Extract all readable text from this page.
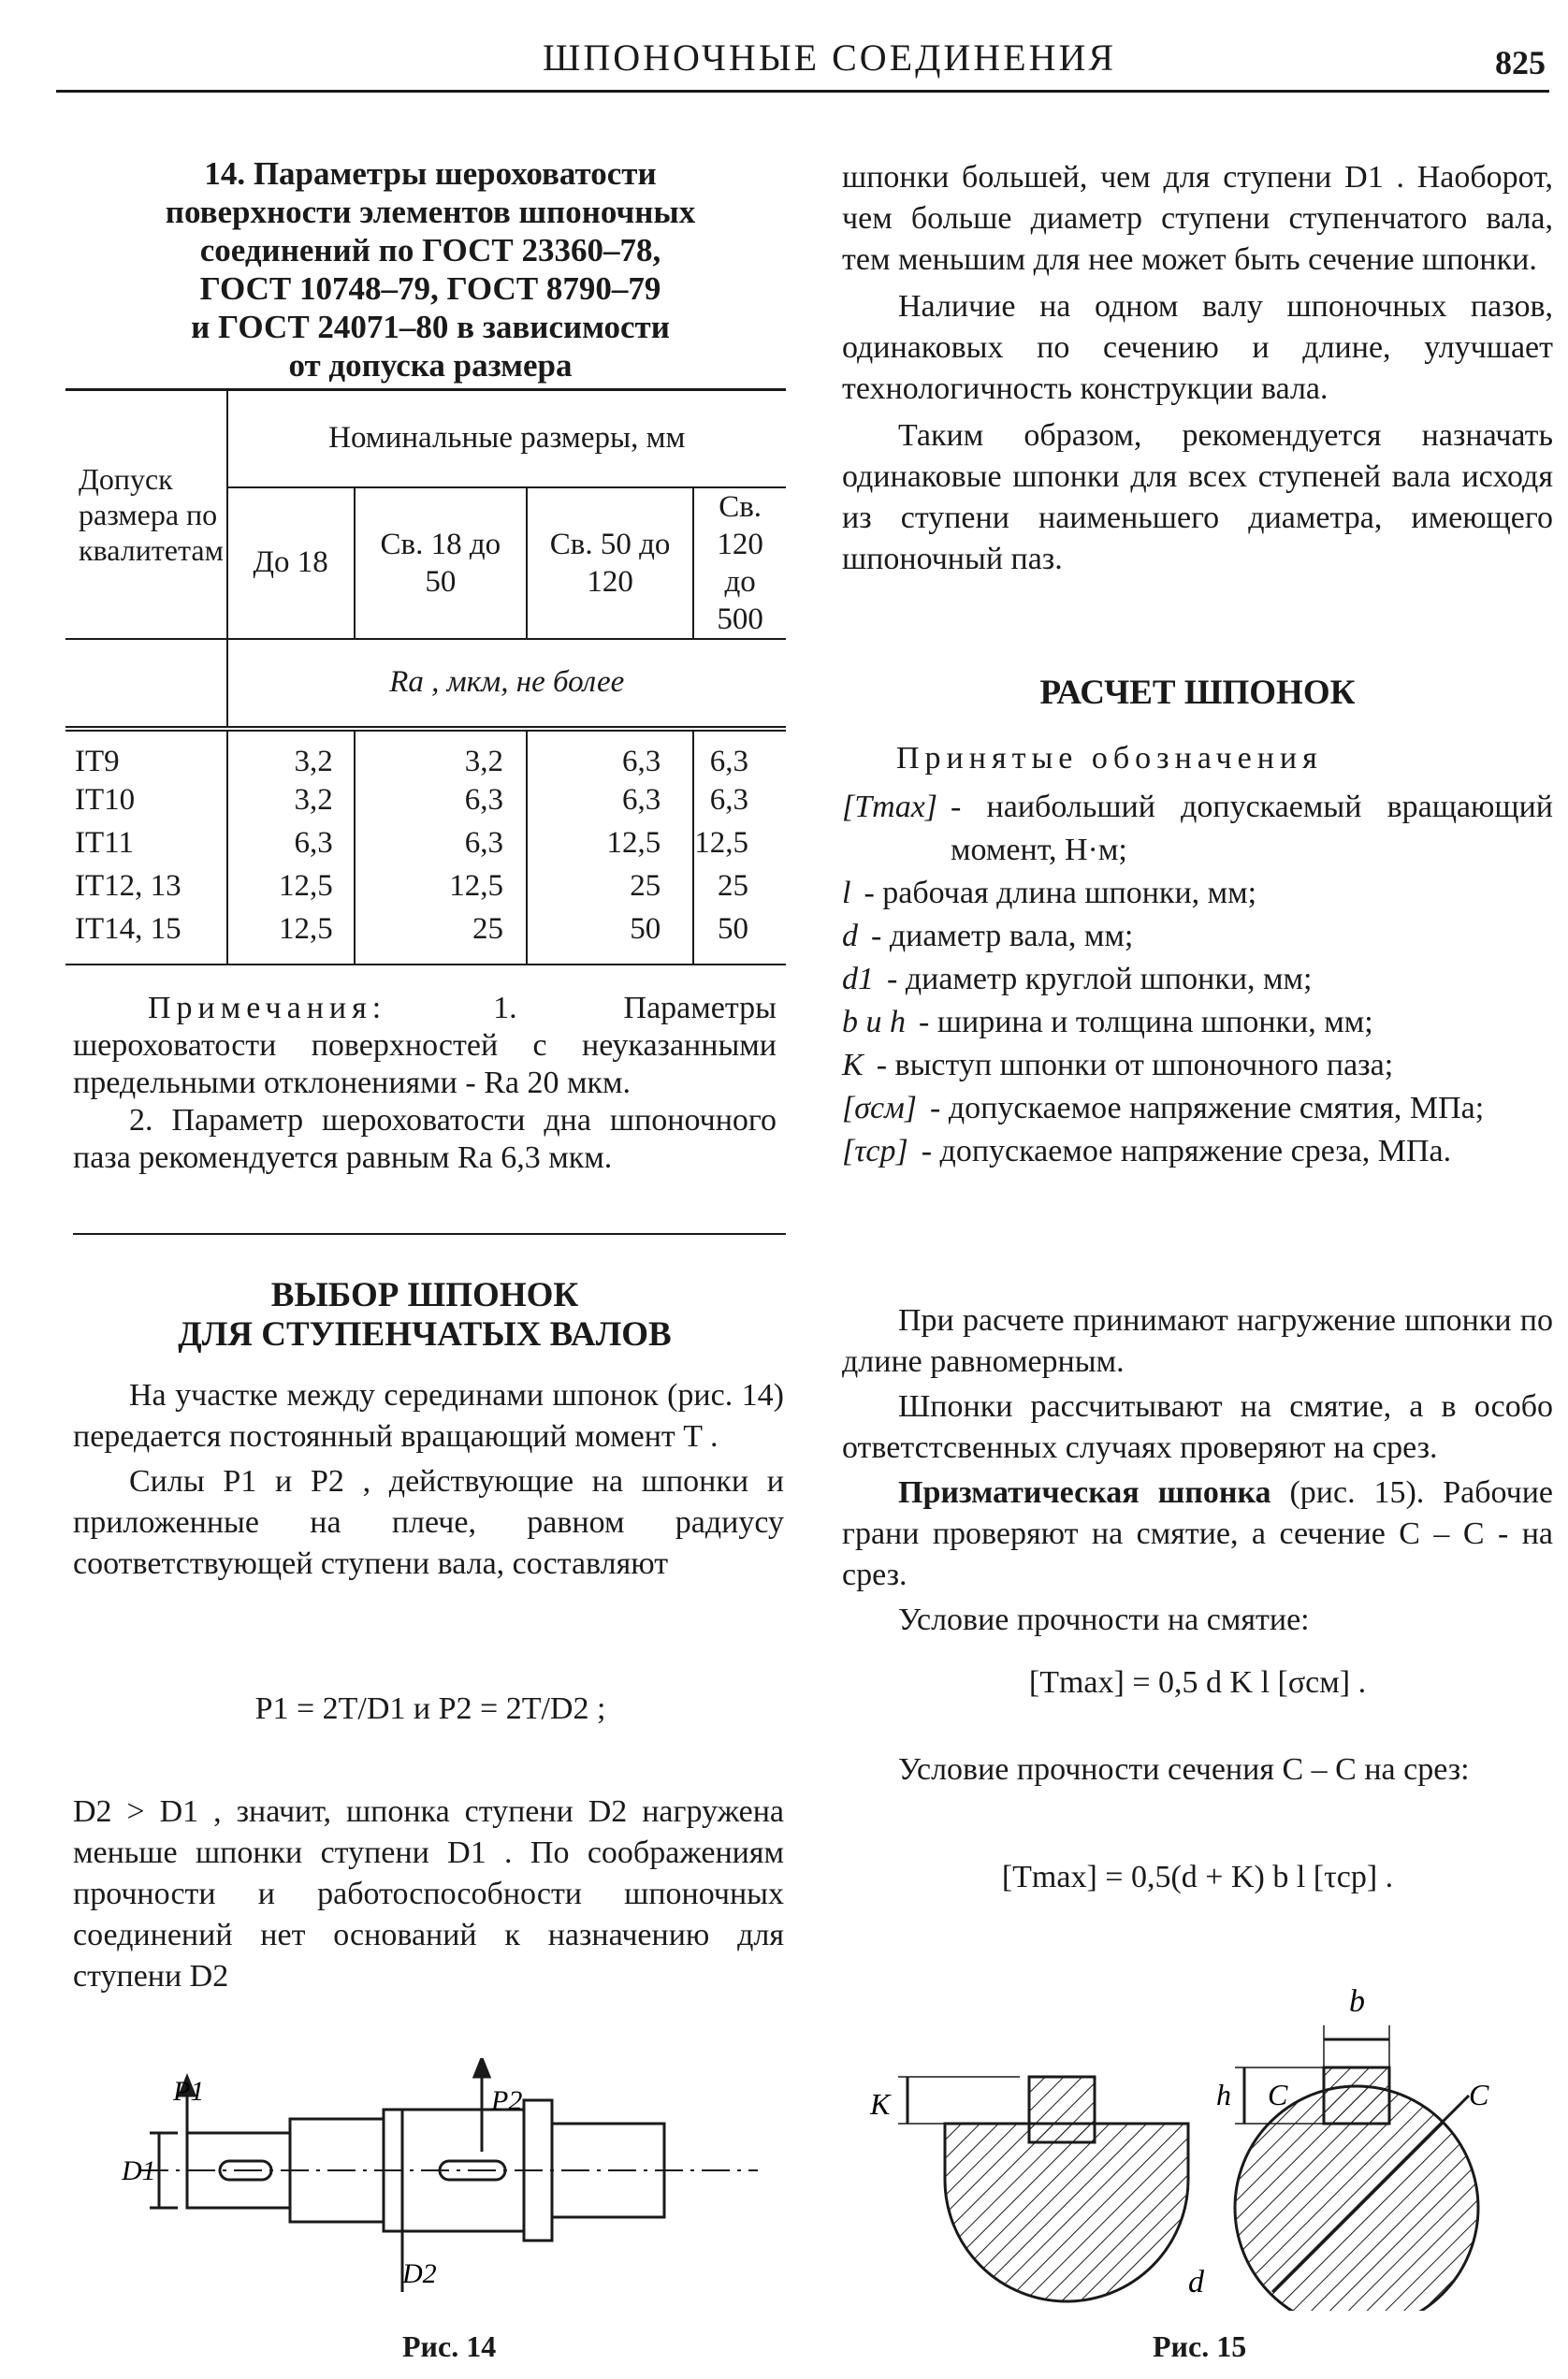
ШПОНОЧНЫЕ СОЕДИНЕНИЯ	825
14. Параметры шероховатости
поверхности элементов шпоночных
соединений по ГОСТ 23360–78,
ГОСТ 10748–79, ГОСТ 8790–79
и ГОСТ 24071–80 в зависимости
от допуска размера
Допуск размера по квалитетам	Номинальные размеры, мм			
	До 18	Св. 18 до 50	Св. 50 до 120	Св. 120 до 500
	Ra , мкм, не более			
IT9	3,2	3,2	6,3	6,3
IT10	3,2	6,3	6,3	6,3
IT11	6,3	6,3	12,5	12,5
IT12, 13	12,5	12,5	25	25
IT14, 15	12,5	25	50	50
Примечания:	1. Параметры шероховатости поверхностей с неуказанными предельными отклонениями - Ra 20 мкм.
2. Параметр шероховатости дна шпоночного паза рекомендуется равным Ra 6,3 мкм.
ВЫБОР ШПОНОК
ДЛЯ СТУПЕНЧАТЫХ ВАЛОВ
На участке между серединами шпонок (рис. 14) передается постоянный вращающий момент T .
Силы P1 и P2 , действующие на шпонки и приложенные на плече, равном радиусу соответствующей ступени вала, составляют
P1 = 2T/D1 и P2 = 2T/D2 ;
D2 > D1 , значит, шпонка ступени D2 нагружена меньше шпонки ступени D1 . По соображениям прочности и работоспособности шпоночных соединений нет оснований к назначению для ступени D2
P1	P2
D1
D2
Рис. 14
шпонки большей, чем для ступени D1 . Наоборот, чем больше диаметр ступени ступенчатого вала, тем меньшим для нее может быть сечение шпонки.
Наличие на одном валу шпоночных пазов, одинаковых по сечению и длине, улучшает технологичность конструкции вала.
Таким образом, рекомендуется назначать одинаковые шпонки для всех ступеней вала исходя из ступени наименьшего диаметра, имеющего шпоночный паз.
РАСЧЕТ ШПОНОК
Принятые обозначения
[Tmax] - наибольший допускаемый вращающий момент, Н·м;
l - рабочая длина шпонки, мм;
d - диаметр вала, мм;
d1 - диаметр круглой шпонки, мм;
b и h - ширина и толщина шпонки, мм;
K - выступ шпонки от шпоночного паза;
[σсм] - допускаемое напряжение смятия, МПа;
[τср] - допускаемое напряжение среза, МПа.
При расчете принимают нагружение шпонки по длине равномерным.
Шпонки рассчитывают на смятие, а в особо ответстсвенных случаях проверяют на срез.
Призматическая шпонка (рис. 15). Рабочие грани проверяют на смятие, а сечение C – C - на срез.
Условие прочности на смятие:
[Tmax] = 0,5 d K l [σсм] .
Условие прочности сечения C – C на срез:
[Tmax] = 0,5(d + K) b l [τср] .
K	h
b
C	C
d
Рис. 15
